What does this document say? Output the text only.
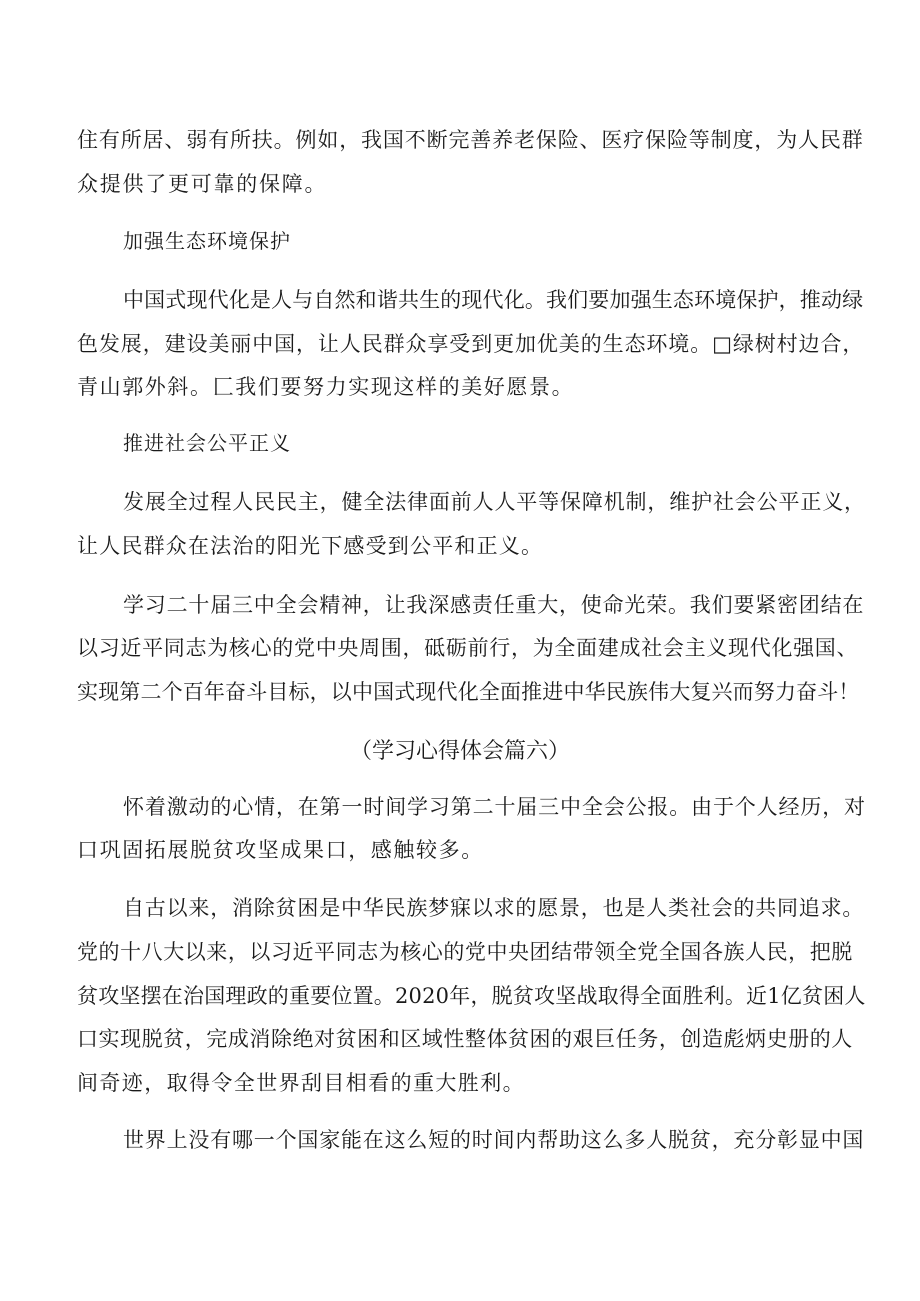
住有所居、弱有所扶。例如，我国不断完善养老保险、医疗保险等制度，为人民群

众提供了更可靠的保障。

加强生态环境保护

中国式现代化是人与自然和谐共生的现代化。我们要加强生态环境保护，推动绿

色发展，建设美丽中国，让人民群众享受到更加优美的生态环境。□绿树村边合，

青山郭外斜。匚我们要努力实现这样的美好愿景。

推进社会公平正义

发展全过程人民民主，健全法律面前人人平等保障机制，维护社会公平正义，

让人民群众在法治的阳光下感受到公平和正义。

学习二十届三中全会精神，让我深感责任重大，使命光荣。我们要紧密团结在

以习近平同志为核心的党中央周围，砥砺前行，为全面建成社会主义现代化强国、

实现第二个百年奋斗目标，以中国式现代化全面推进中华民族伟大复兴而努力奋斗！

（学习心得体会篇六）

怀着激动的心情，在第一时间学习第二十届三中全会公报。由于个人经历，对

口巩固拓展脱贫攻坚成果口，感触较多。

自古以来，消除贫困是中华民族梦寐以求的愿景，也是人类社会的共同追求。

党的十八大以来，以习近平同志为核心的党中央团结带领全党全国各族人民，把脱

贫攻坚摆在治国理政的重要位置。2020年，脱贫攻坚战取得全面胜利。近1亿贫困人

口实现脱贫，完成消除绝对贫困和区域性整体贫困的艰巨任务，创造彪炳史册的人

间奇迹，取得令全世界刮目相看的重大胜利。

世界上没有哪一个国家能在这么短的时间内帮助这么多人脱贫，充分彰显中国
